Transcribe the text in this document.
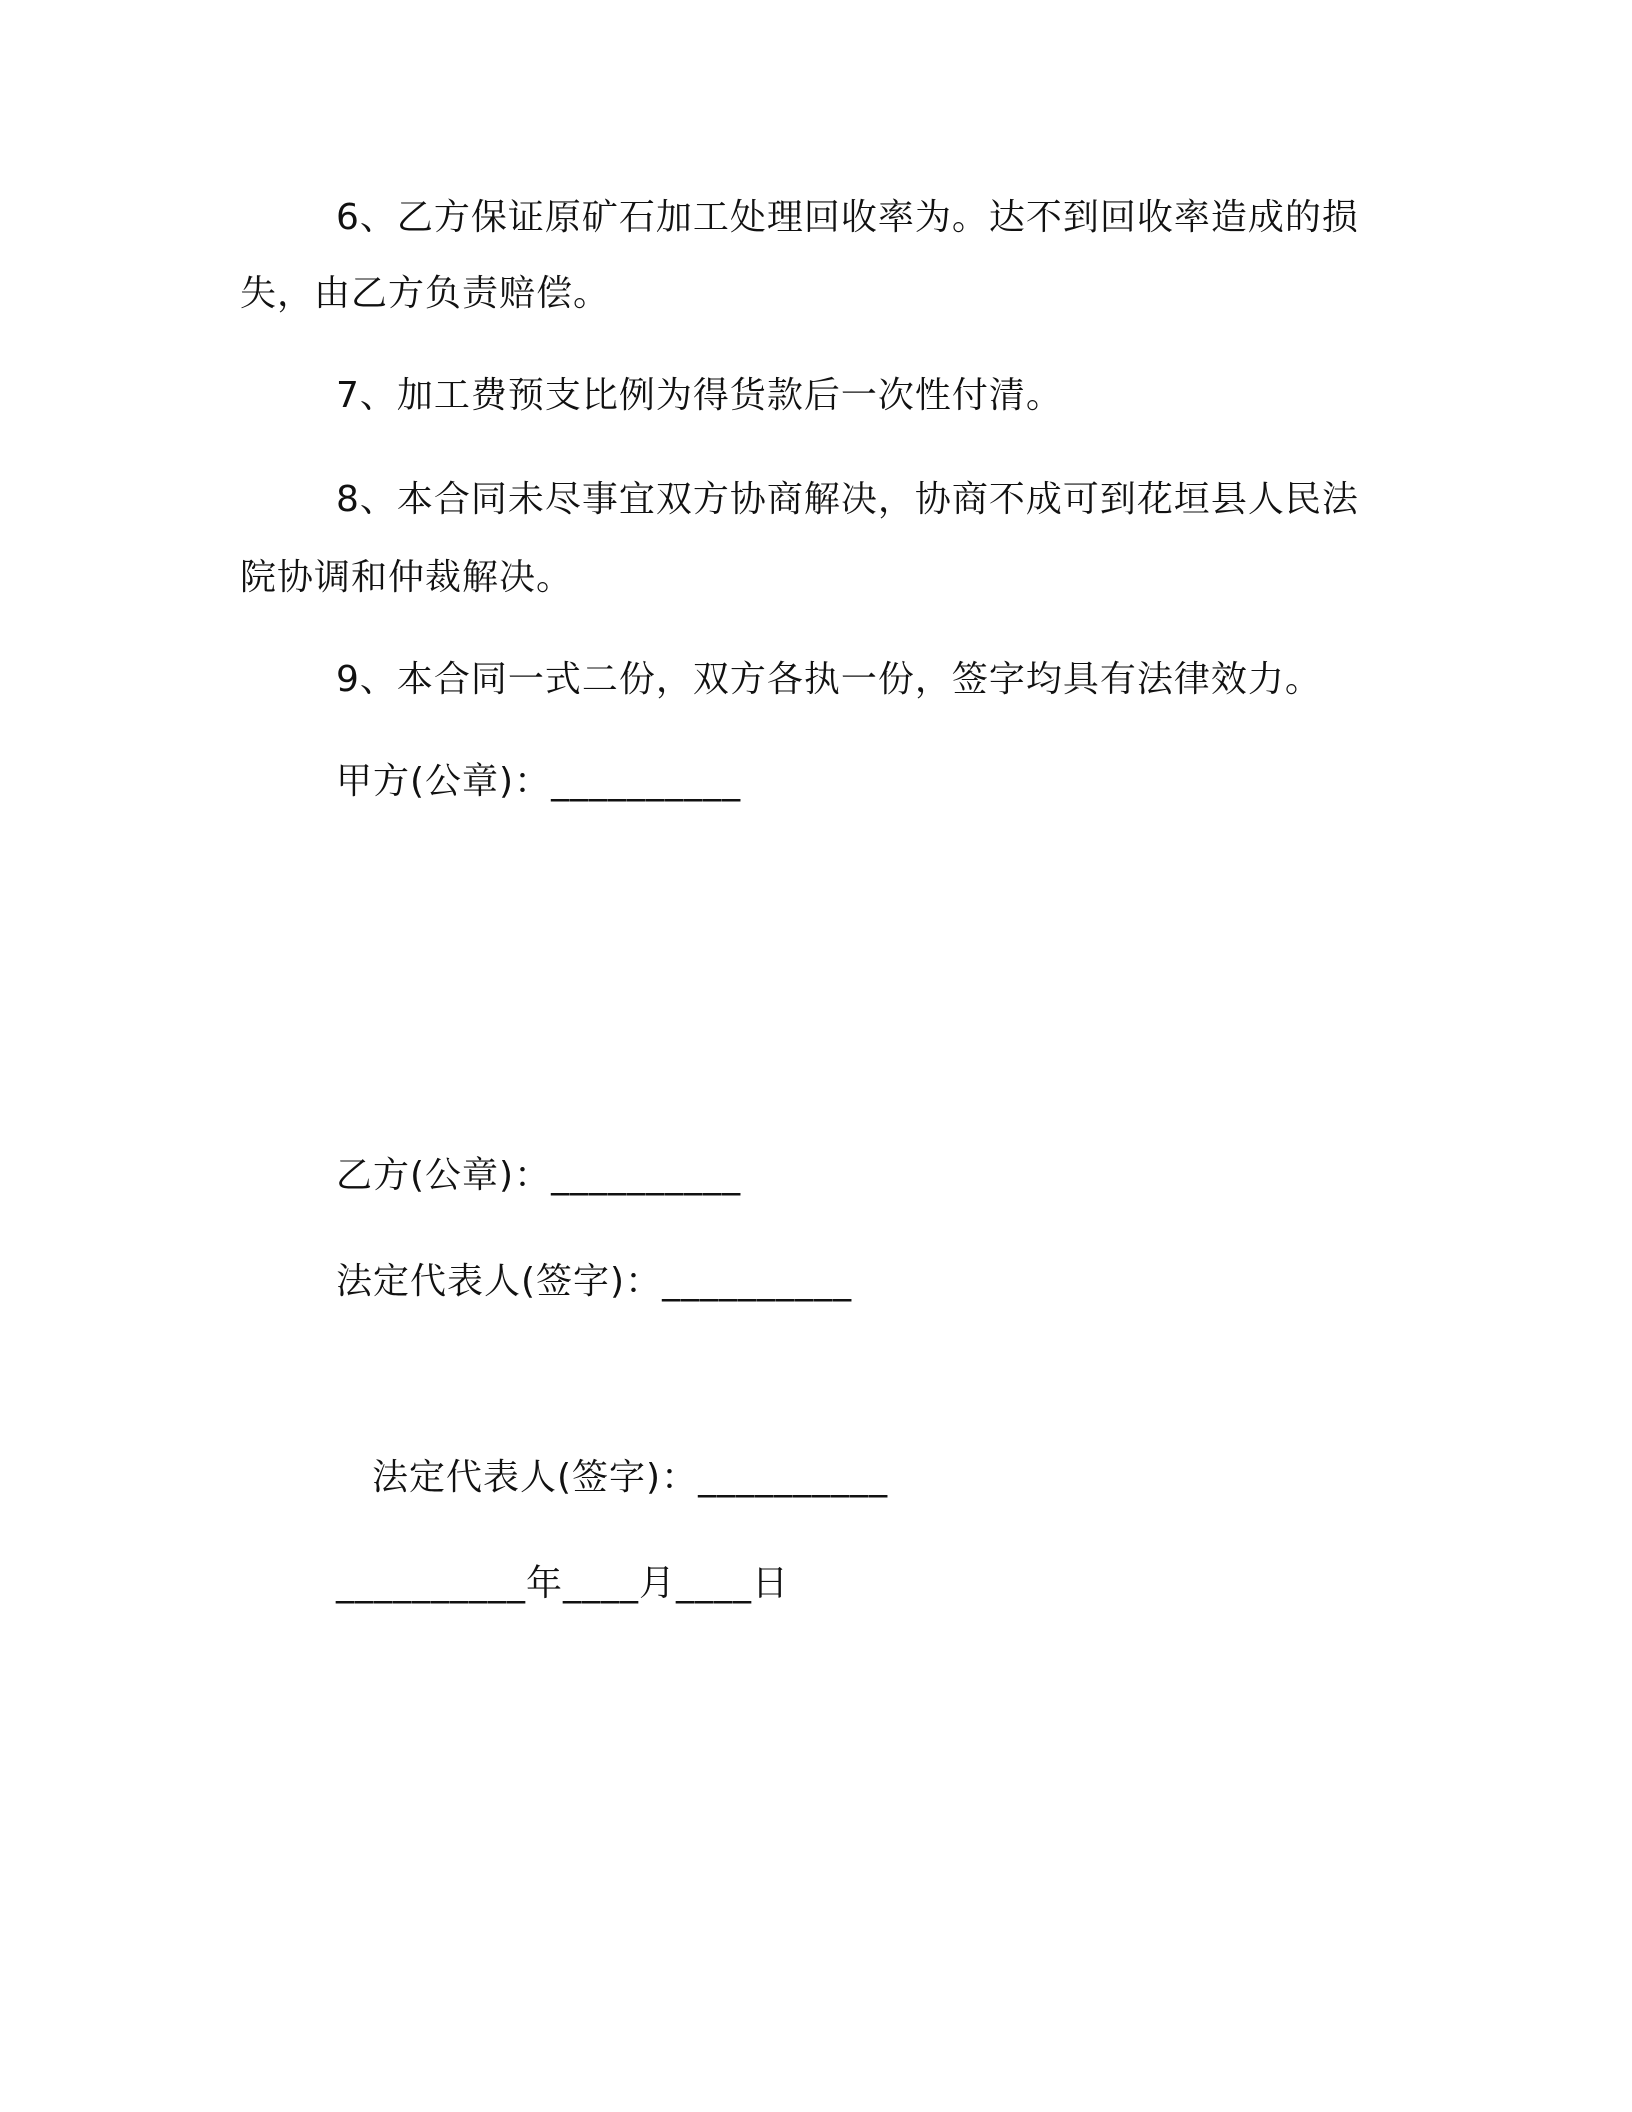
6、乙方保证原矿石加工处理回收率为。达不到回收率造成的损
失，由乙方负责赔偿。
7、加工费预支比例为得货款后一次性付清。
8、本合同未尽事宜双方协商解决，协商不成可到花垣县人民法
院协调和仲裁解决。
9、本合同一式二份，双方各执一份，签字均具有法律效力。
甲方(公章)：__________
乙方(公章)：__________
法定代表人(签字)：__________
法定代表人(签字)：__________
__________年____月____日
